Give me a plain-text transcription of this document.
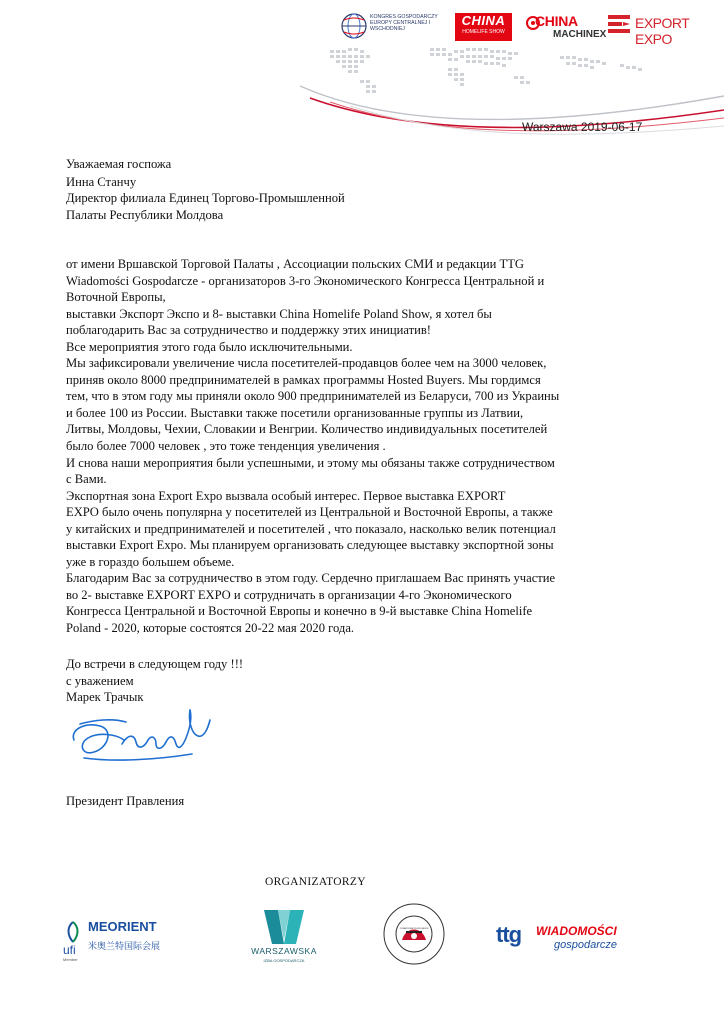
KONGRES GOSPODARCZY EUROPY CENTRALNEJ I WSCHODNIEJ
CHINA
HOMELIFE SHOW
CHINA
MACHINEX
EXPORT EXPO
Warszawa 2019-06-17
Уважаемая госпожа
Инна Станчу
Директор филиала Единец Торгово-Промышленной
Палаты Республики Молдова
от имени Вршавской Торговой Палаты , Ассоциации польских СМИ и редакции TTG
Wiadomości Gospodarcze - организаторов 3-го Экономического Конгресса Центральной и
Воточной Европы,
выставки Экспорт Экспо и 8- выставки China Homelife Poland Show, я хотел бы
поблагодарить Вас за сотрудничество и поддержку этих инициатив!
Все мероприятия этого года было исключительными.
Мы зафиксировали увеличение числа посетителей-продавцов более чем на 3000 человек,
приняв около 8000 предпринимателей в рамках программы Hosted Buyers. Мы гордимся
тем, что в этом году мы приняли около 900 предпринимателей из Беларуси, 700 из Украины
и более 100 из России. Выставки также посетили организованные группы из Латвии,
Литвы, Молдовы, Чехии, Словакии и Венгрии. Количество индивидуальных посетителей
было более 7000 человек , это тоже тенденция увеличения .
И снова наши мероприятия были успешными, и этому мы обязаны также сотрудничеством
с Вами.
Экспортная зона Export Expo вызвала особый интерес. Первое выставка EXPORT
EXPO было очень популярна у посетителей из Центральной и Восточной Европы, а также
у китайских и предпринимателей и посетителей , что показало, насколько велик потенциал
выставки Export Expo. Мы планируем организовать следующее выставку экспортной зоны
уже в гораздо большем объеме.
Благодарим Вас за сотрудничество в этом году. Сердечно приглашаем Вас принять участие
во 2- выставке EXPORT EXPO и сотрудничать в организации 4-го Экономического
Конгресса Центральной и Восточной Европы и конечно в 9-й выставке China Homelife
Poland - 2020, которые состоятся 20-22 мая 2020 года.
До встречи в следующем году !!!
с уважением
Марек Трачык
Президент Правления
ORGANIZATORZY
ufi
Member
MEORIENT
米奥兰特国际会展	WARSZAWSKA
IZBA GOSPODARCZA
STOWARZYSZENIE POLSKICH MEDIÓW	ttg WIADOMOŚCI
gospodarcze
